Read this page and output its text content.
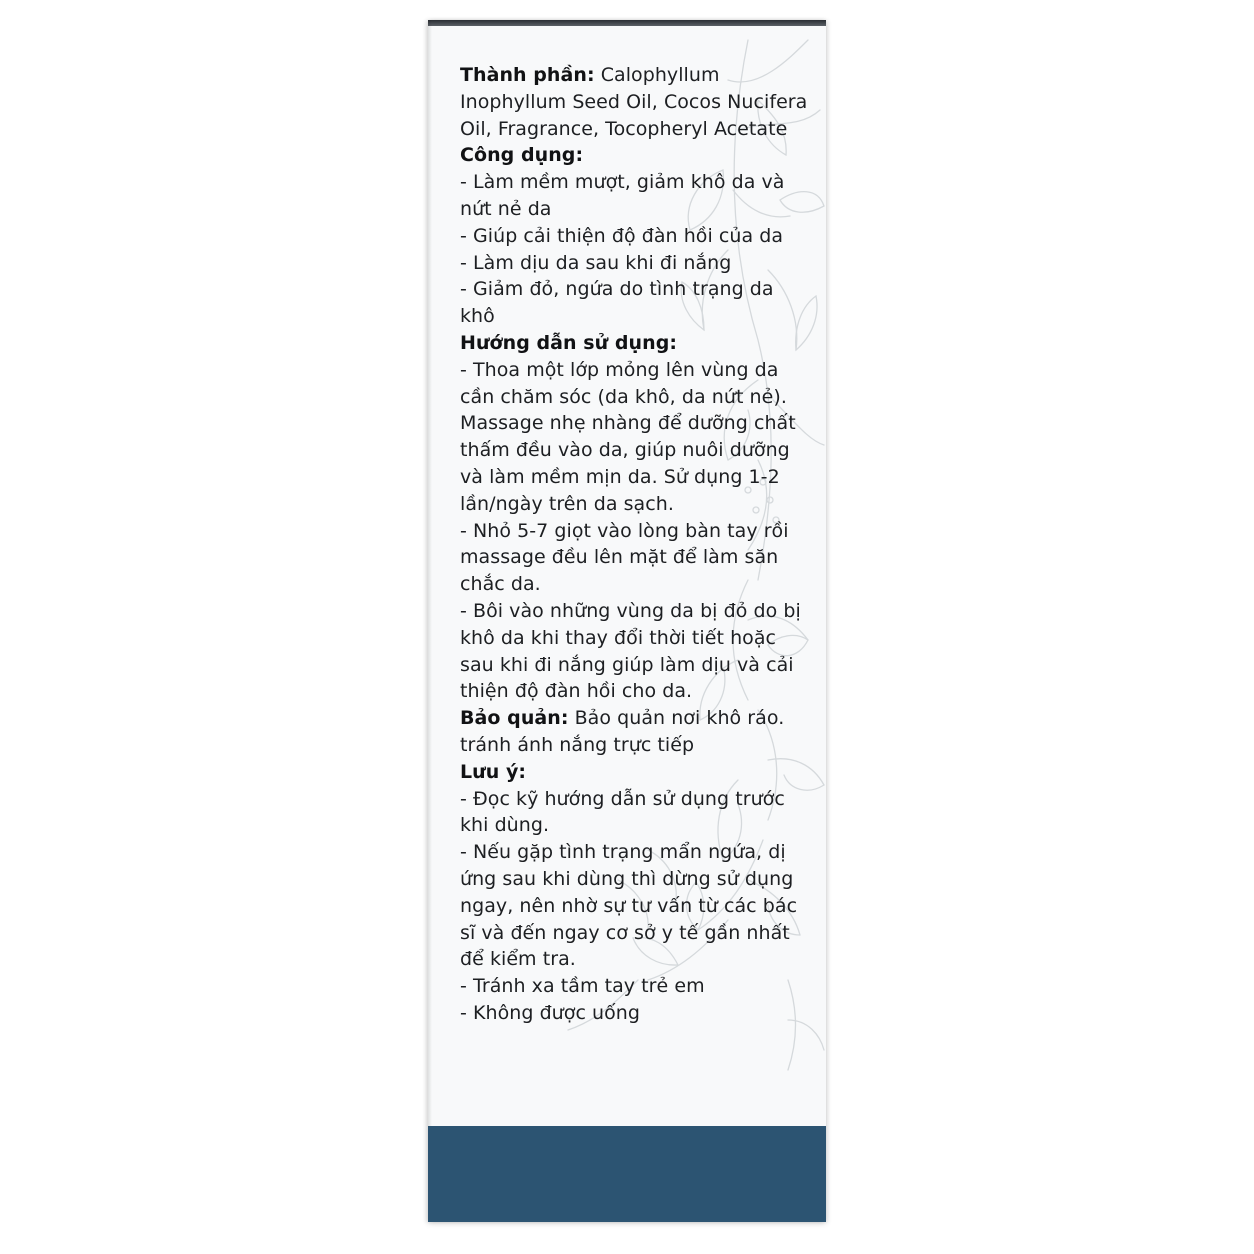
Thành phần: Calophyllum Inophyllum Seed Oil, Cocos Nucifera Oil, Fragrance, Tocopheryl Acetate
Công dụng:
- Làm mềm mượt, giảm khô da và nứt nẻ da
- Giúp cải thiện độ đàn hồi của da
- Làm dịu da sau khi đi nắng
- Giảm đỏ, ngứa do tình trạng da khô
Hướng dẫn sử dụng:
- Thoa một lớp mỏng lên vùng da cần chăm sóc (da khô, da nứt nẻ). Massage nhẹ nhàng để dưỡng chất thấm đều vào da, giúp nuôi dưỡng và làm mềm mịn da. Sử dụng 1-2 lần/ngày trên da sạch.
- Nhỏ 5-7 giọt vào lòng bàn tay rồi massage đều lên mặt để làm săn chắc da.
- Bôi vào những vùng da bị đỏ do bị khô da khi thay đổi thời tiết hoặc sau khi đi nắng giúp làm dịu và cải thiện độ đàn hồi cho da.
Bảo quản: Bảo quản nơi khô ráo. tránh ánh nắng trực tiếp
Lưu ý:
- Đọc kỹ hướng dẫn sử dụng trước khi dùng.
- Nếu gặp tình trạng mẩn ngứa, dị ứng sau khi dùng thì dừng sử dụng ngay, nên nhờ sự tư vấn từ các bác sĩ và đến ngay cơ sở y tế gần nhất để kiểm tra.
- Tránh xa tầm tay trẻ em
- Không được uống
